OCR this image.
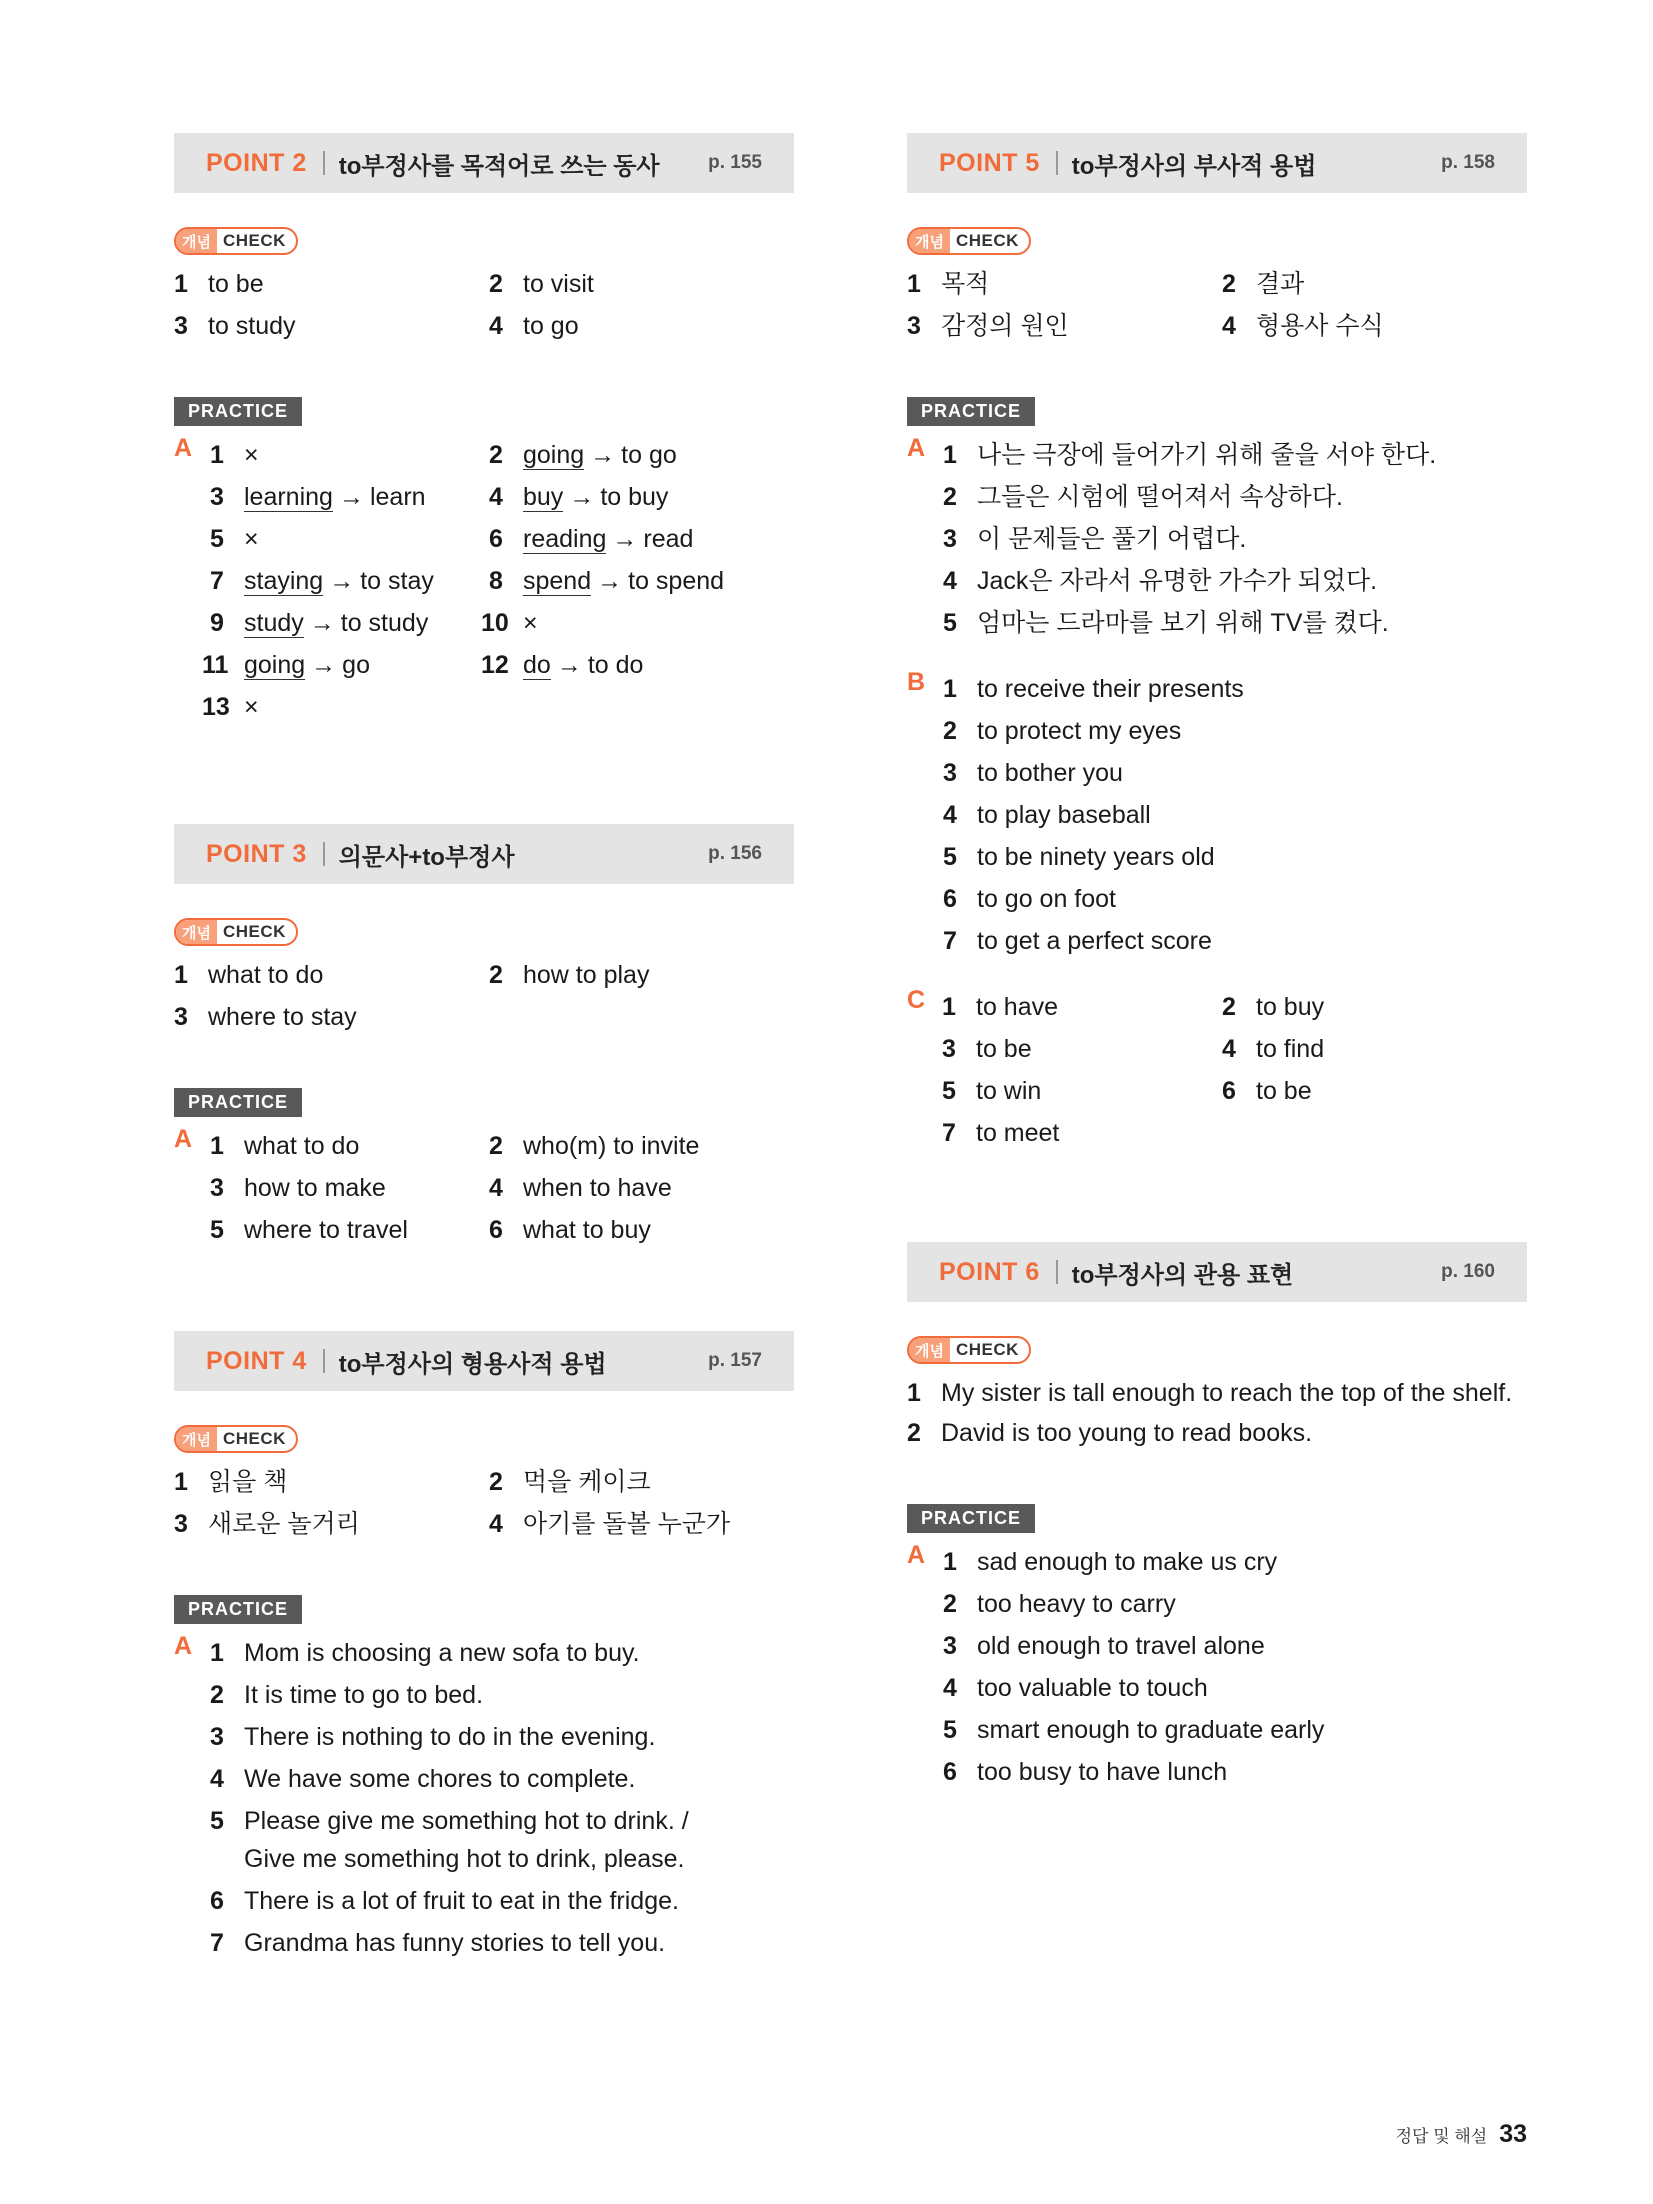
POINT 2 to부정사를 목적어로 쓰는 동사	p. 155
개념 CHECK
1 to be	2 to visit
3 to study	4 to go
PRACTICE
A 1 ×	2 going → to go
3 learning → learn	4 buy → to buy
5 ×	6 reading → read
7 staying → to stay	8 spend → to spend
9 study → to study	10 ×
11 going → go	12 do → to do
13 ×
POINT 3 의문사+to부정사	p. 156
개념 CHECK
1 what to do	2 how to play
3 where to stay
PRACTICE
A 1 what to do	2 who(m) to invite
3 how to make	4 when to have
5 where to travel	6 what to buy
POINT 4 to부정사의 형용사적 용법	p. 157
개념 CHECK
1 읽을 책	2 먹을 케이크
3 새로운 놀거리	4 아기를 돌볼 누군가
PRACTICE
A 1 Mom is choosing a new sofa to buy.
2 It is time to go to bed.
3 There is nothing to do in the evening.
4 We have some chores to complete.
5 Please give me something hot to drink. / Give me something hot to drink, please.
6 There is a lot of fruit to eat in the fridge.
7 Grandma has funny stories to tell you.
POINT 5 to부정사의 부사적 용법	p. 158
개념 CHECK
1 목적	2 결과
3 감정의 원인	4 형용사 수식
PRACTICE
A 1 나는 극장에 들어가기 위해 줄을 서야 한다.
2 그들은 시험에 떨어져서 속상하다.
3 이 문제들은 풀기 어렵다.
4 Jack은 자라서 유명한 가수가 되었다.
5 엄마는 드라마를 보기 위해 TV를 켰다.
B 1 to receive their presents
2 to protect my eyes
3 to bother you
4 to play baseball
5 to be ninety years old
6 to go on foot
7 to get a perfect score
C 1 to have	2 to buy
3 to be	4 to find
5 to win	6 to be
7 to meet
POINT 6 to부정사의 관용 표현	p. 160
개념 CHECK
1 My sister is tall enough to reach the top of the shelf.
2 David is too young to read books.
PRACTICE
A 1 sad enough to make us cry
2 too heavy to carry
3 old enough to travel alone
4 too valuable to touch
5 smart enough to graduate early
6 too busy to have lunch
정답 및 해설 33
